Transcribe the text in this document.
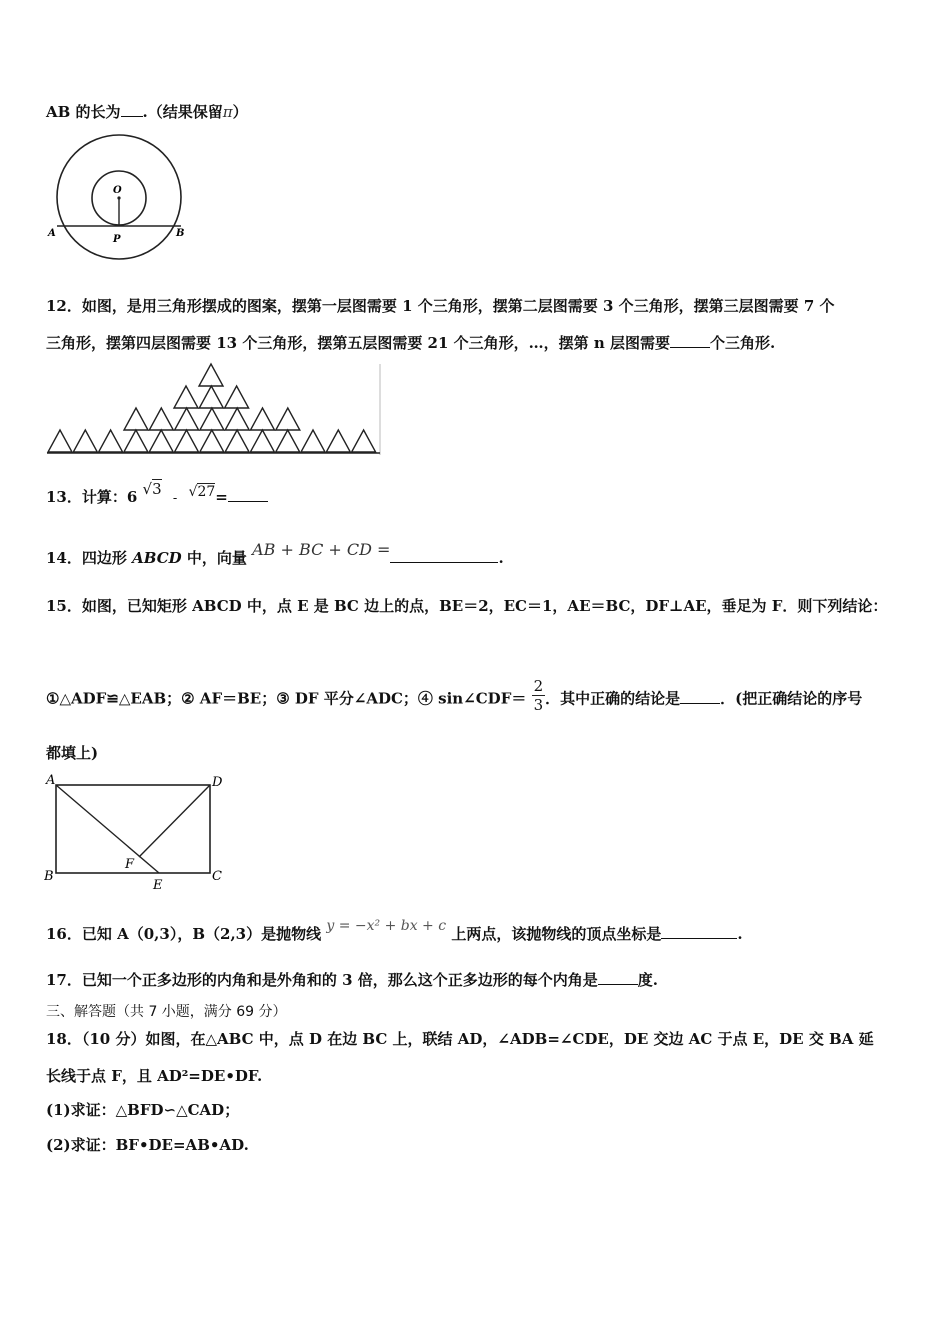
AB 的长为 .（结果保留π）
O
A
P
B
12．如图，是用三角形摆成的图案，摆第一层图需要 1 个三角形，摆第二层图需要 3 个三角形，摆第三层图需要 7 个
三角形，摆第四层图需要 13 个三角形，摆第五层图需要 21 个三角形，…，摆第 n 层图需要	个三角形.
13．计算：6 √3 - √27=
14．四边形 ABCD 中，向量 AB + BC + CD =	.
15．如图，已知矩形 ABCD 中，点 E 是 BC 边上的点，BE＝2，EC＝1，AE＝BC，DF⊥AE，垂足为 F．则下列结论：
①△ADF≌△EAB；② AF＝BE；③ DF 平分∠ADC；④ sin∠CDF＝ $\frac{2}{3}$ ．其中正确的结论是	．(把正确结论的序号
都填上)
A	D
B	C
E
F
16．已知 A（0,3），B（2,3）是抛物线 y = −x² + bx + c 上两点，该抛物线的顶点坐标是	.
17．已知一个正多边形的内角和是外角和的 3 倍，那么这个正多边形的每个内角是	度.
三、解答题（共 7 小题，满分 69 分）
18．（10 分）如图，在△ABC 中，点 D 在边 BC 上，联结 AD，∠ADB=∠CDE，DE 交边 AC 于点 E，DE 交 BA 延
长线于点 F，且 AD²=DE•DF.
(1)求证：△BFD∽△CAD；
(2)求证：BF•DE=AB•AD.
